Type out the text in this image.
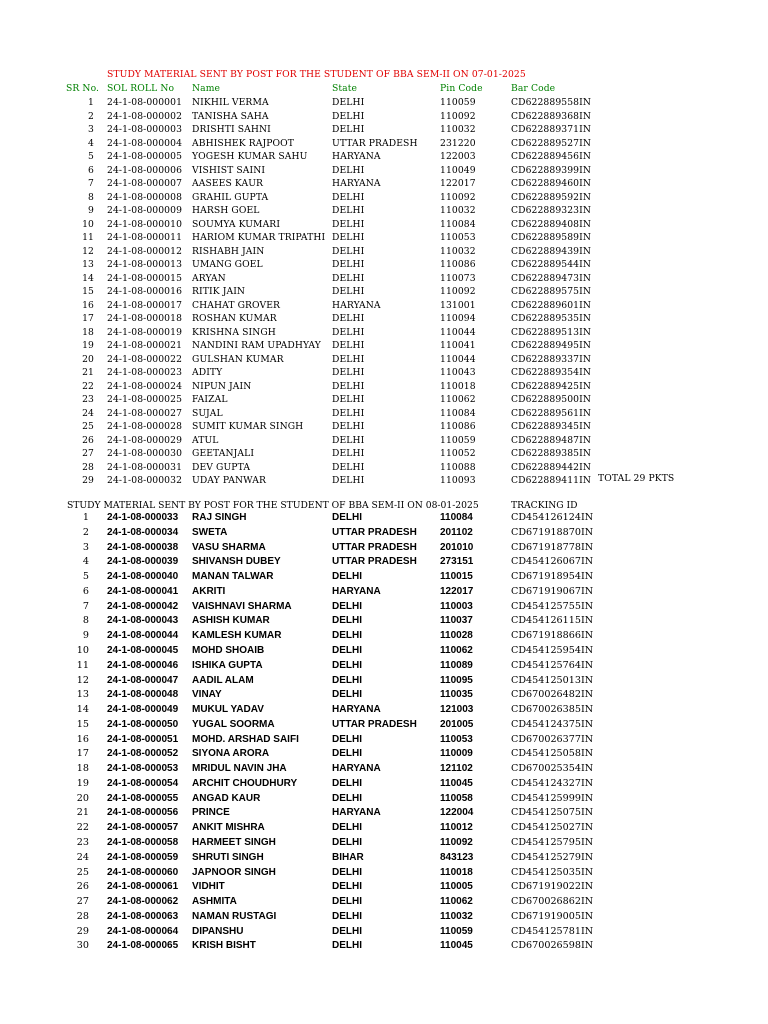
STUDY MATERIAL SENT BY POST FOR THE STUDENT OF BBA SEM-II ON 07-01-2025
SR No. SOL ROLL No Name	State	Pin Code	Bar Code
1 24-1-08-000001 NIKHIL VERMA	DELHI	110059	CD622889558IN
2 24-1-08-000002 TANISHA SAHA	DELHI	110092	CD622889368IN
3 24-1-08-000003 DRISHTI SAHNI	DELHI	110032	CD622889371IN
4 24-1-08-000004 ABHISHEK RAJPOOT	UTTAR PRADESH 231220	CD622889527IN
5 24-1-08-000005 YOGESH KUMAR SAHU	HARYANA	122003	CD622889456IN
6 24-1-08-000006 VISHIST SAINI	DELHI	110049	CD622889399IN
7 24-1-08-000007 AASEES KAUR	HARYANA	122017	CD622889460IN
8 24-1-08-000008 GRAHIL GUPTA	DELHI	110092	CD622889592IN
9 24-1-08-000009 HARSH GOEL	DELHI	110032	CD622889323IN
10 24-1-08-000010 SOUMYA KUMARI	DELHI	110084	CD622889408IN
11 24-1-08-000011 HARIOM KUMAR TRIPATHI DELHI	110053	CD622889589IN
12 24-1-08-000012 RISHABH JAIN	DELHI	110032	CD622889439IN
13 24-1-08-000013 UMANG GOEL	DELHI	110086	CD622889544IN
14 24-1-08-000015 ARYAN	DELHI	110073	CD622889473IN
15 24-1-08-000016 RITIK JAIN	DELHI	110092	CD622889575IN
16 24-1-08-000017 CHAHAT GROVER	HARYANA	131001	CD622889601IN
17 24-1-08-000018 ROSHAN KUMAR	DELHI	110094	CD622889535IN
18 24-1-08-000019 KRISHNA SINGH	DELHI	110044	CD622889513IN
19 24-1-08-000021 NANDINI RAM UPADHYAY DELHI	110041	CD622889495IN
20 24-1-08-000022 GULSHAN KUMAR	DELHI	110044	CD622889337IN
21 24-1-08-000023 ADITY	DELHI	110043	CD622889354IN
22 24-1-08-000024 NIPUN JAIN	DELHI	110018	CD622889425IN
23 24-1-08-000025 FAIZAL	DELHI	110062	CD622889500IN
24 24-1-08-000027 SUJAL	DELHI	110084	CD622889561IN
25 24-1-08-000028 SUMIT KUMAR SINGH	DELHI	110086	CD622889345IN
26 24-1-08-000029 ATUL	DELHI	110059	CD622889487IN
27 24-1-08-000030 GEETANJALI	DELHI	110052	CD622889385IN
28 24-1-08-000031 DEV GUPTA	DELHI	110088	CD622889442IN
29 24-1-08-000032 UDAY PANWAR	DELHI	110093	CD622889411IN TOTAL 29 PKTS
STUDY MATERIAL SENT BY POST FOR THE STUDENT OF BBA SEM-II ON 08-01-2025	TRACKING ID
1 24-1-08-000033 RAJ SINGH	DELHI	110084	CD454126124IN
2 24-1-08-000034 SWETA	UTTAR PRADESH 201102	CD671918870IN
3 24-1-08-000038 VASU SHARMA	UTTAR PRADESH 201010	CD671918778IN
4 24-1-08-000039 SHIVANSH DUBEY	UTTAR PRADESH 273151	CD454126067IN
5 24-1-08-000040 MANAN TALWAR	DELHI	110015	CD671918954IN
6 24-1-08-000041 AKRITI	HARYANA	122017	CD671919067IN
7 24-1-08-000042 VAISHNAVI SHARMA	DELHI	110003	CD454125755IN
8 24-1-08-000043 ASHISH KUMAR	DELHI	110037	CD454126115IN
9 24-1-08-000044 KAMLESH KUMAR	DELHI	110028	CD671918866IN
10 24-1-08-000045 MOHD SHOAIB	DELHI	110062	CD454125954IN
11 24-1-08-000046 ISHIKA GUPTA	DELHI	110089	CD454125764IN
12 24-1-08-000047 AADIL ALAM	DELHI	110095	CD454125013IN
13 24-1-08-000048 VINAY	DELHI	110035	CD670026482IN
14 24-1-08-000049 MUKUL YADAV	HARYANA	121003	CD670026385IN
15 24-1-08-000050 YUGAL SOORMA	UTTAR PRADESH 201005	CD454124375IN
16 24-1-08-000051 MOHD. ARSHAD SAIFI	DELHI	110053	CD670026377IN
17 24-1-08-000052 SIYONA ARORA	DELHI	110009	CD454125058IN
18 24-1-08-000053 MRIDUL NAVIN JHA	HARYANA	121102	CD670025354IN
19 24-1-08-000054 ARCHIT CHOUDHURY	DELHI	110045	CD454124327IN
20 24-1-08-000055 ANGAD KAUR	DELHI	110058	CD454125999IN
21 24-1-08-000056 PRINCE	HARYANA	122004	CD454125075IN
22 24-1-08-000057 ANKIT MISHRA	DELHI	110012	CD454125027IN
23 24-1-08-000058 HARMEET SINGH	DELHI	110092	CD454125795IN
24 24-1-08-000059 SHRUTI SINGH	BIHAR	843123	CD454125279IN
25 24-1-08-000060 JAPNOOR SINGH	DELHI	110018	CD454125035IN
26 24-1-08-000061 VIDHIT	DELHI	110005	CD671919022IN
27 24-1-08-000062 ASHMITA	DELHI	110062	CD670026862IN
28 24-1-08-000063 NAMAN RUSTAGI	DELHI	110032	CD671919005IN
29 24-1-08-000064 DIPANSHU	DELHI	110059	CD454125781IN
30 24-1-08-000065 KRISH BISHT	DELHI	110045	CD670026598IN
